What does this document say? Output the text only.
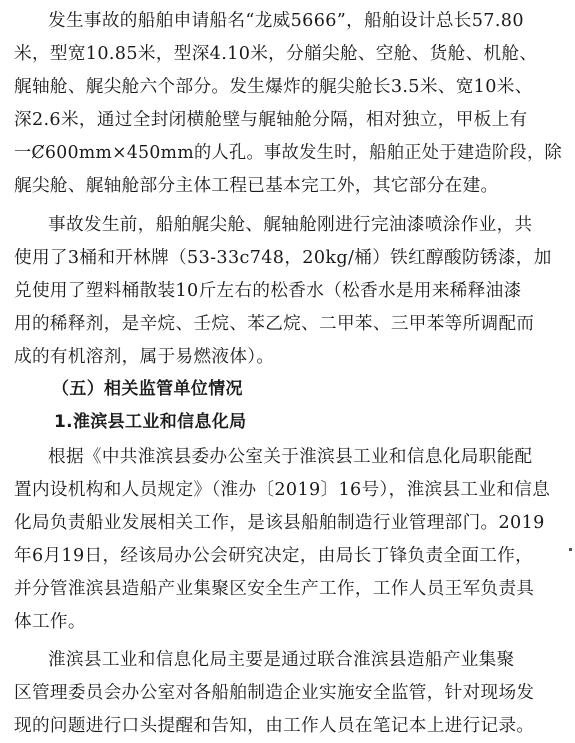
发生事故的船舶申请船名“龙威5666”，船舶设计总长57.80
米，型宽10.85米，型深4.10米，分艏尖舱、空舱、货舱、机舱、
艉轴舱、艉尖舱六个部分。发生爆炸的艉尖舱长3.5米、宽10米、
深2.6米，通过全封闭横舱壁与艉轴舱分隔，相对独立，甲板上有
一Ȼ600mm×450mm的人孔。事故发生时，船舶正处于建造阶段，除
艉尖舱、艉轴舱部分主体工程已基本完工外，其它部分在建。
事故发生前，船舶艉尖舱、艉轴舱刚进行完油漆喷涂作业，共
使用了3桶和开林牌（53-33c748，20kg/桶）铁红醇酸防锈漆，加
兑使用了塑料桶散装10斤左右的松香水（松香水是用来稀释油漆
用的稀释剂，是辛烷、壬烷、苯乙烷、二甲苯、三甲苯等所调配而
成的有机溶剂，属于易燃液体）。
（五）相关监管单位情况
1.淮滨县工业和信息化局
根据《中共淮滨县委办公室关于淮滨县工业和信息化局职能配
置内设机构和人员规定》（淮办〔2019〕16号），淮滨县工业和信息
化局负责船业发展相关工作，是该县船舶制造行业管理部门。2019
年6月19日，经该局办公会研究决定，由局长丁锋负责全面工作，
并分管淮滨县造船产业集聚区安全生产工作，工作人员王军负责具
体工作。
淮滨县工业和信息化局主要是通过联合淮滨县造船产业集聚
区管理委员会办公室对各船舶制造企业实施安全监管，针对现场发
现的问题进行口头提醒和告知，由工作人员在笔记本上进行记录。
